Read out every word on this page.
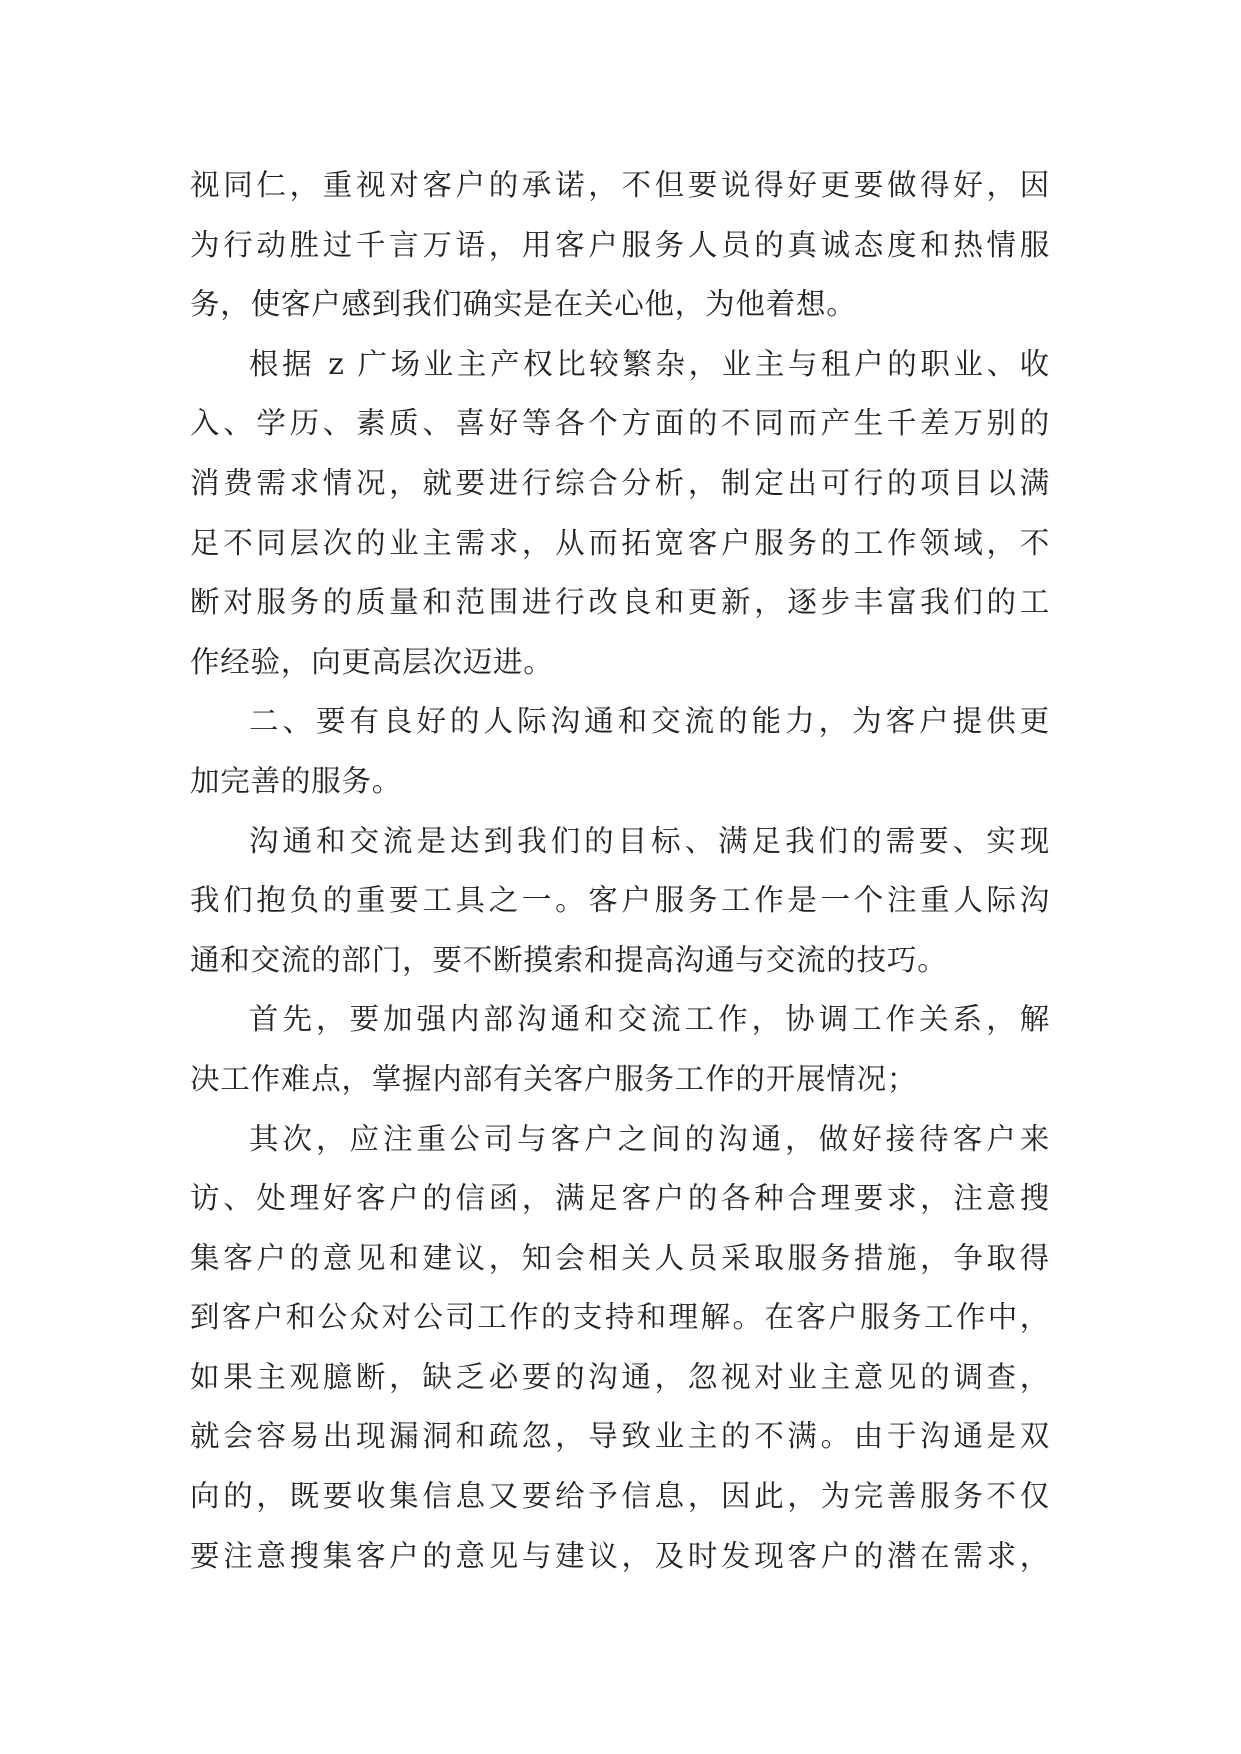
视同仁，重视对客户的承诺，不但要说得好更要做得好，因
为行动胜过千言万语，用客户服务人员的真诚态度和热情服
务，使客户感到我们确实是在关心他，为他着想。
根据 z 广场业主产权比较繁杂，业主与租户的职业、收
入、学历、素质、喜好等各个方面的不同而产生千差万别的
消费需求情况，就要进行综合分析，制定出可行的项目以满
足不同层次的业主需求，从而拓宽客户服务的工作领域，不
断对服务的质量和范围进行改良和更新，逐步丰富我们的工
作经验，向更高层次迈进。
二、要有良好的人际沟通和交流的能力，为客户提供更
加完善的服务。
沟通和交流是达到我们的目标、满足我们的需要、实现
我们抱负的重要工具之一。客户服务工作是一个注重人际沟
通和交流的部门，要不断摸索和提高沟通与交流的技巧。
首先，要加强内部沟通和交流工作，协调工作关系，解
决工作难点，掌握内部有关客户服务工作的开展情况；
其次，应注重公司与客户之间的沟通，做好接待客户来
访、处理好客户的信函，满足客户的各种合理要求，注意搜
集客户的意见和建议，知会相关人员采取服务措施，争取得
到客户和公众对公司工作的支持和理解。在客户服务工作中，
如果主观臆断，缺乏必要的沟通，忽视对业主意见的调查，
就会容易出现漏洞和疏忽，导致业主的不满。由于沟通是双
向的，既要收集信息又要给予信息，因此，为完善服务不仅
要注意搜集客户的意见与建议，及时发现客户的潜在需求，
